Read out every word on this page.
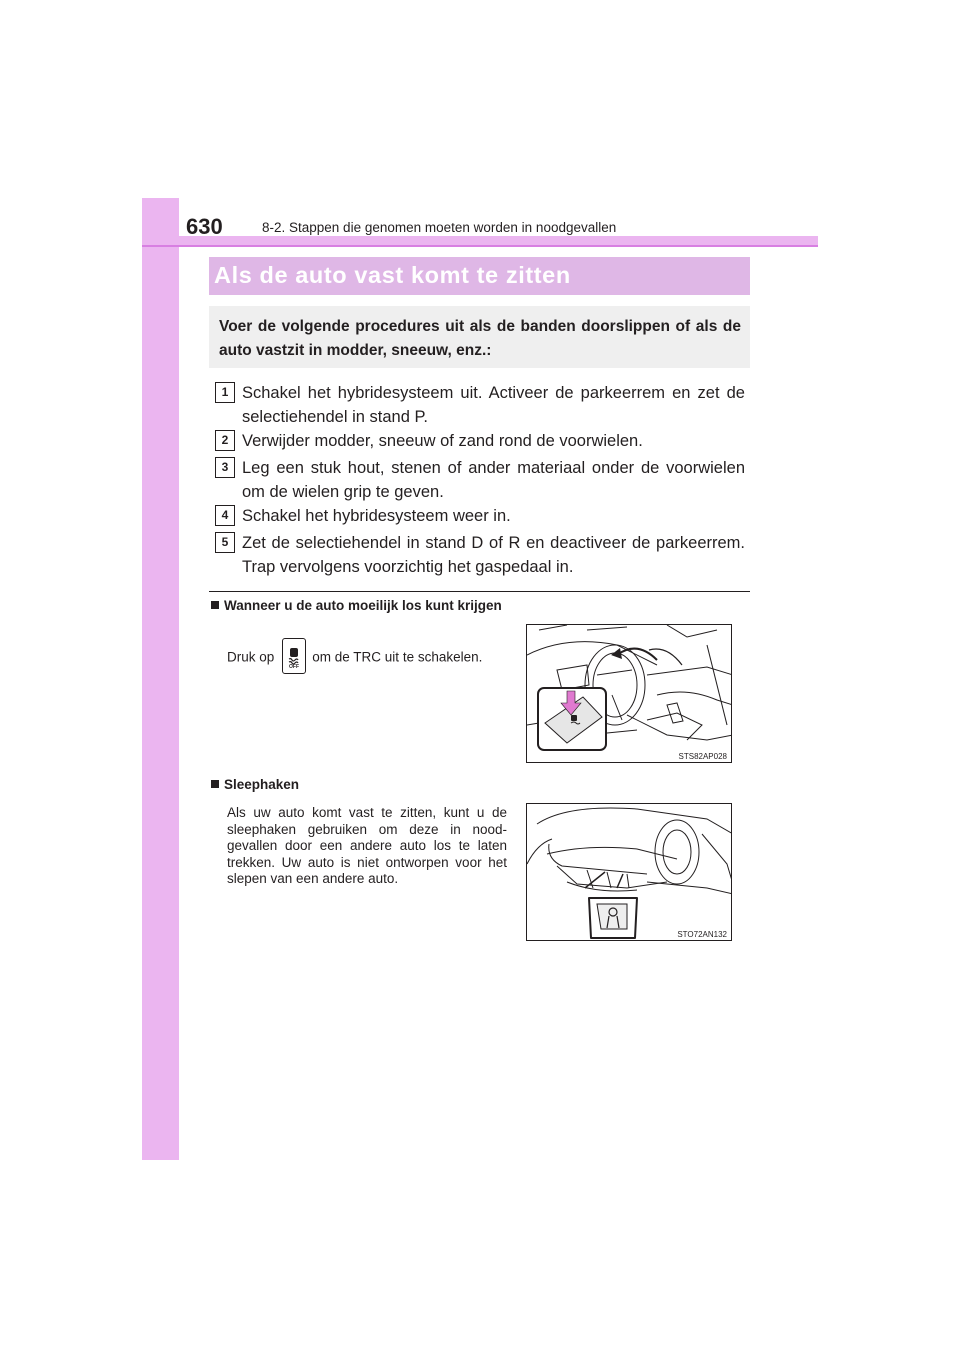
630	8-2. Stappen die genomen moeten worden in noodgevallen
Als de auto vast komt te zitten
Voer de volgende procedures uit als de banden doorslippen of als de auto vastzit in modder, sneeuw, enz.:
1 Schakel het hybridesysteem uit. Activeer de parkeerrem en zet de selectiehendel in stand P.
2 Verwijder modder, sneeuw of zand rond de voorwielen.
3 Leg een stuk hout, stenen of ander materiaal onder de voorwielen om de wielen grip te geven.
4 Schakel het hybridesysteem weer in.
5 Zet de selectiehendel in stand D of R en deactiveer de parkeerrem. Trap vervolgens voorzichtig het gaspedaal in.
Wanneer u de auto moeilijk los kunt krijgen
Druk op
OFF
om de TRC uit te schakelen.
STS82AP028
Sleephaken
Als uw auto komt vast te zitten, kunt u de sleephaken gebruiken om deze in nood-gevallen door een andere auto los te laten trekken. Uw auto is niet ontworpen voor het slepen van een andere auto.
STO72AN132
